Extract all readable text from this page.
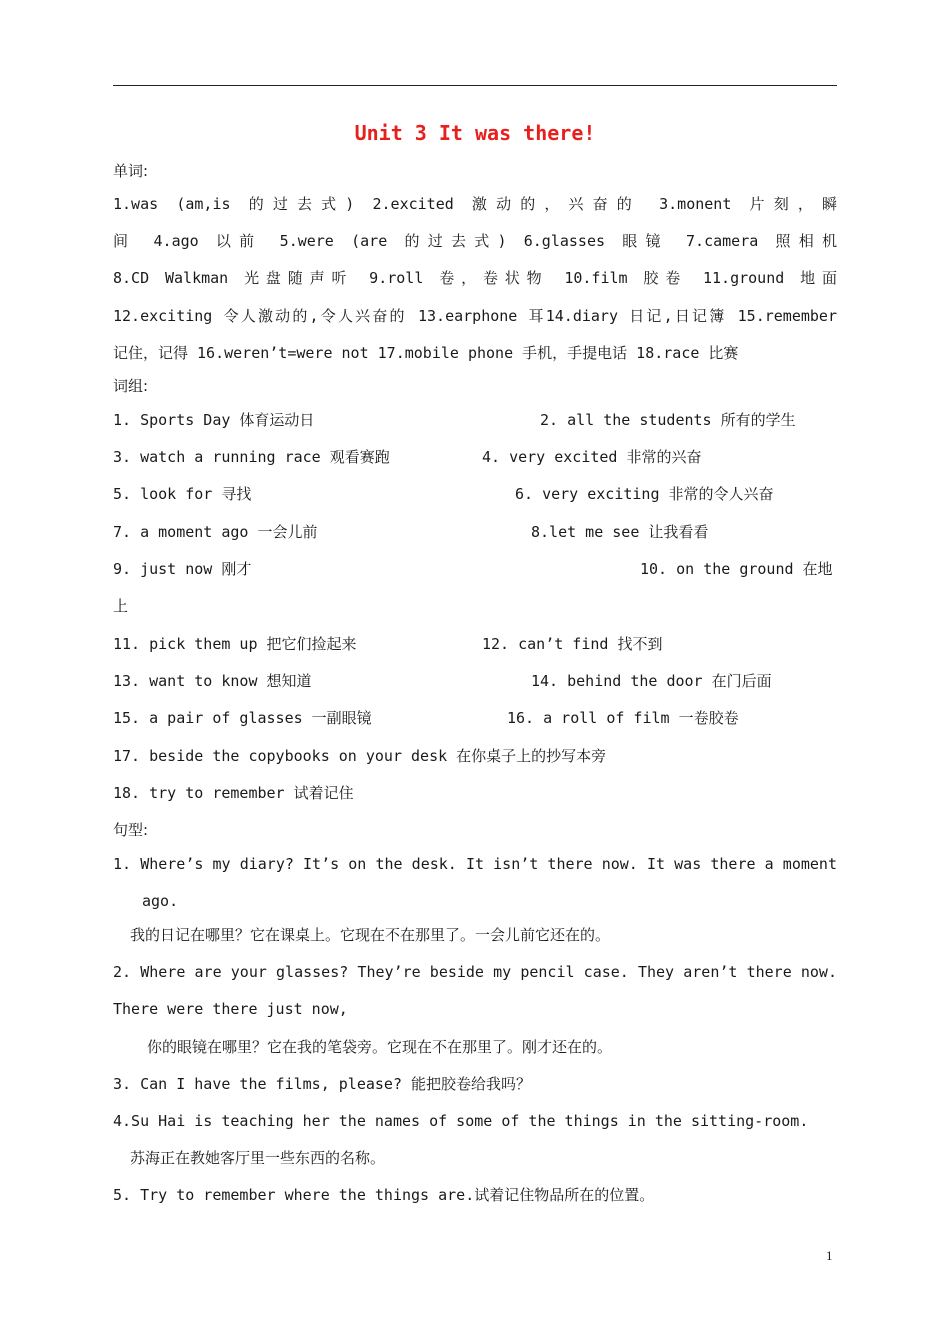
Unit 3 It was there!
单词:
1.was (am,is 的过去式) 2.excited 激动的，兴奋的 3.monent 片刻，瞬
间 4.ago 以前 5.were (are 的过去式) 6.glasses 眼镜 7.camera 照相机
8.CD Walkman 光盘随声听 9.roll 卷，卷状物 10.film 胶卷 11.ground 地面
12.exciting 令人激动的,令人兴奋的 13.earphone 耳14.diary 日记,日记簿 15.remember
记住，记得 16.weren’t=were not 17.mobile phone 手机，手提电话 18.race 比赛
词组:
1. Sports Day 体育运动日	2. all the students 所有的学生
3. watch a running race 观看赛跑	4. very excited 非常的兴奋
5. look for 寻找	6. very exciting 非常的令人兴奋
7. a moment ago 一会儿前	8.let me see 让我看看
9. just now 刚才	10. on the ground 在地
上
11. pick them up 把它们捡起来	12. can’t find 找不到
13. want to know 想知道	14. behind the door 在门后面
15. a pair of glasses 一副眼镜	16. a roll of film 一卷胶卷
17. beside the copybooks on your desk 在你桌子上的抄写本旁
18. try to remember 试着记住
句型:
1. Where’s my diary? It’s on the desk. It isn’t there now. It was there a moment
ago.
我的日记在哪里？它在课桌上。它现在不在那里了。一会儿前它还在的。
2. Where are your glasses? They’re beside my pencil case. They aren’t there now.
There were there just now,
你的眼镜在哪里？它在我的笔袋旁。它现在不在那里了。刚才还在的。
3. Can I have the films, please? 能把胶卷给我吗？
4.Su Hai is teaching her the names of some of the things in the sitting-room.
苏海正在教她客厅里一些东西的名称。
5. Try to remember where the things are.试着记住物品所在的位置。
1
